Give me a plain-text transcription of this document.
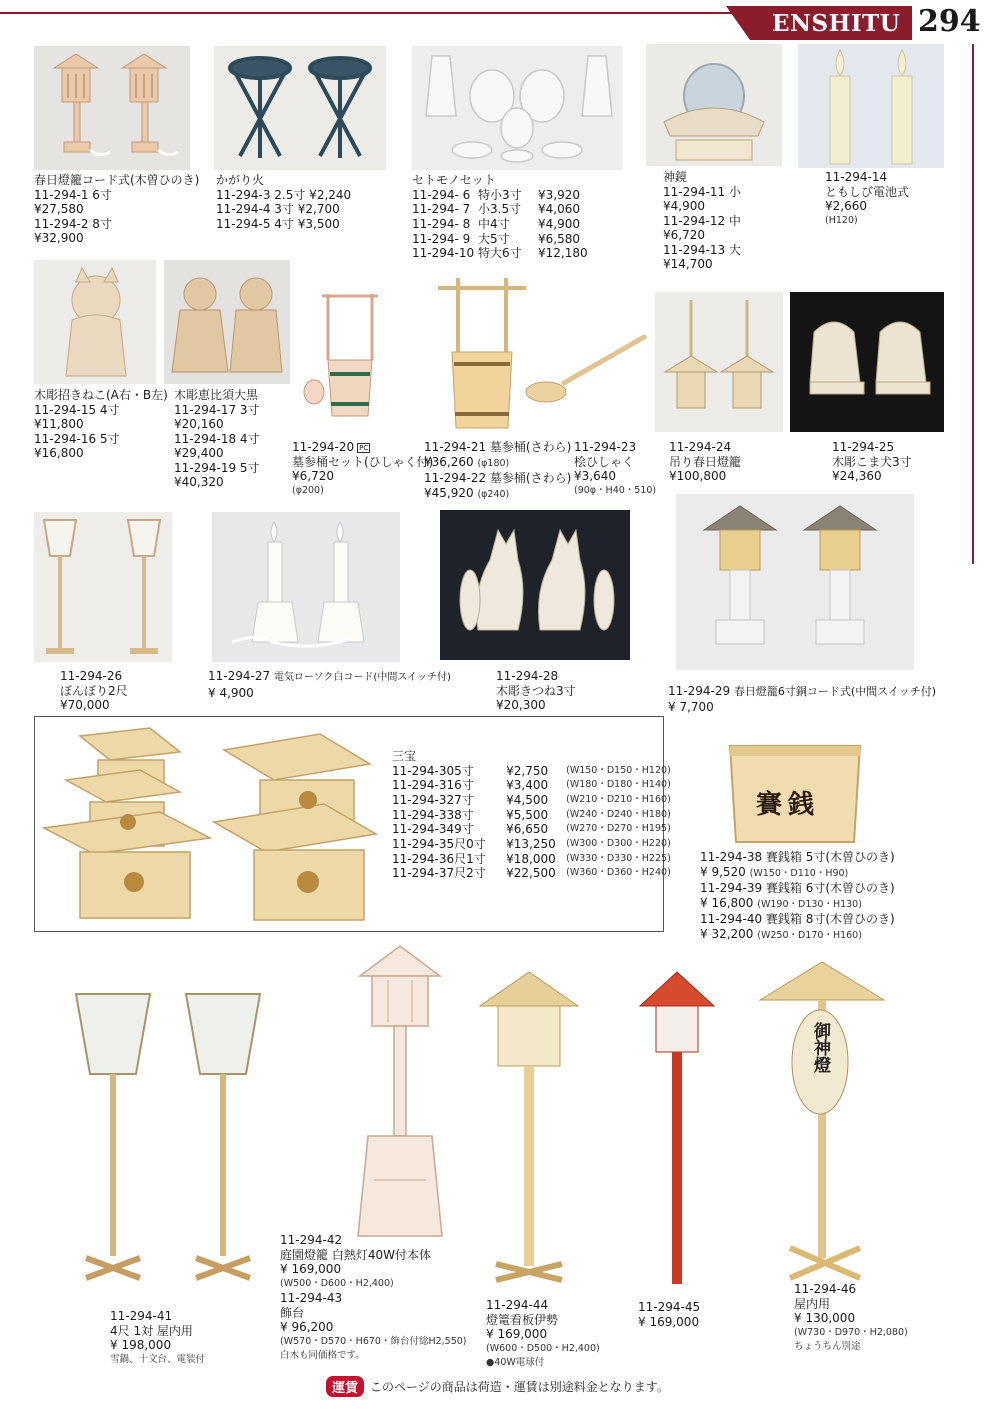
ENSHITU 294
春日燈籠コード式(木曽ひのき)
11-294-1 6寸
¥27,580
11-294-2 8寸
¥32,900
かがり火
11-294-3 2.5寸 ¥2,240
11-294-4 3寸 ¥2,700
11-294-5 4寸 ¥3,500
セトモノセット
11-294- 6	特小3寸	¥3,920
11-294- 7	小3.5寸	¥4,060
11-294- 8	中4寸	¥4,900
11-294- 9	大5寸	¥6,580
11-294-10	特大6寸	¥12,180
神鏡
11-294-11 小
¥4,900
11-294-12 中
¥6,720
11-294-13 大
¥14,700
11-294-14
ともしび電池式
¥2,660
(H120)
木彫招きねこ(A右・B左)
11-294-15 4寸
¥11,800
11-294-16 5寸
¥16,800
木彫恵比須大黒
11-294-17 3寸
¥20,160
11-294-18 4寸
¥29,400
11-294-19 5寸
¥40,320
11-294-20 PC
墓参桶セット(ひしゃく付)
¥6,720
(φ200)
11-294-21 墓参桶(さわら)
¥36,260 (φ180)
11-294-22 墓参桶(さわら)
¥45,920 (φ240)
11-294-23
桧ひしゃく
¥3,640
(90φ・H40・510)
11-294-24
吊り春日燈籠
¥100,800
11-294-25
木彫こま犬3寸
¥24,360
11-294-26
ぼんぼり2尺
¥70,000
11-294-27 電気ローソク白コード(中間スイッチ付)
¥ 4,900
11-294-28
木彫きつね3寸
¥20,300
11-294-29 春日燈籠6寸銅コード式(中間スイッチ付)
¥ 7,700
三宝
11-294-30	5寸	¥2,750	(W150・D150・H120)
11-294-31	6寸	¥3,400	(W180・D180・H140)
11-294-32	7寸	¥4,500	(W210・D210・H160)
11-294-33	8寸	¥5,500	(W240・D240・H180)
11-294-34	9寸	¥6,650	(W270・D270・H195)
11-294-35	尺0寸	¥13,250	(W300・D300・H220)
11-294-36	尺1寸	¥18,000	(W330・D330・H225)
11-294-37	尺2寸	¥22,500	(W360・D360・H240)
賽銭
11-294-38 賽銭箱 5寸(木曽ひのき)
¥ 9,520 (W150・D110・H90)
11-294-39 賽銭箱 6寸(木曽ひのき)
¥ 16,800 (W190・D130・H130)
11-294-40 賽銭箱 8寸(木曽ひのき)
¥ 32,200 (W250・D170・H160)
御神燈
11-294-41
4尺 1対 屋内用
¥ 198,000
雪鍋、十文台、電装付
11-294-42
庭園燈籠 白熱灯40W付本体
¥ 169,000
(W500・D600・H2,400)
11-294-43
飾台
¥ 96,200
(W570・D570・H670・飾台付総H2,550)
白木も同価格です。
11-294-44
燈篭看板伊勢
¥ 169,000
(W600・D500・H2,400)
●40W電球付
11-294-45
¥ 169,000
11-294-46
屋内用
¥ 130,000
(W730・D970・H2,080)
ちょうちん別途
運賃	このページの商品は荷造・運賃は別途料金となります。
